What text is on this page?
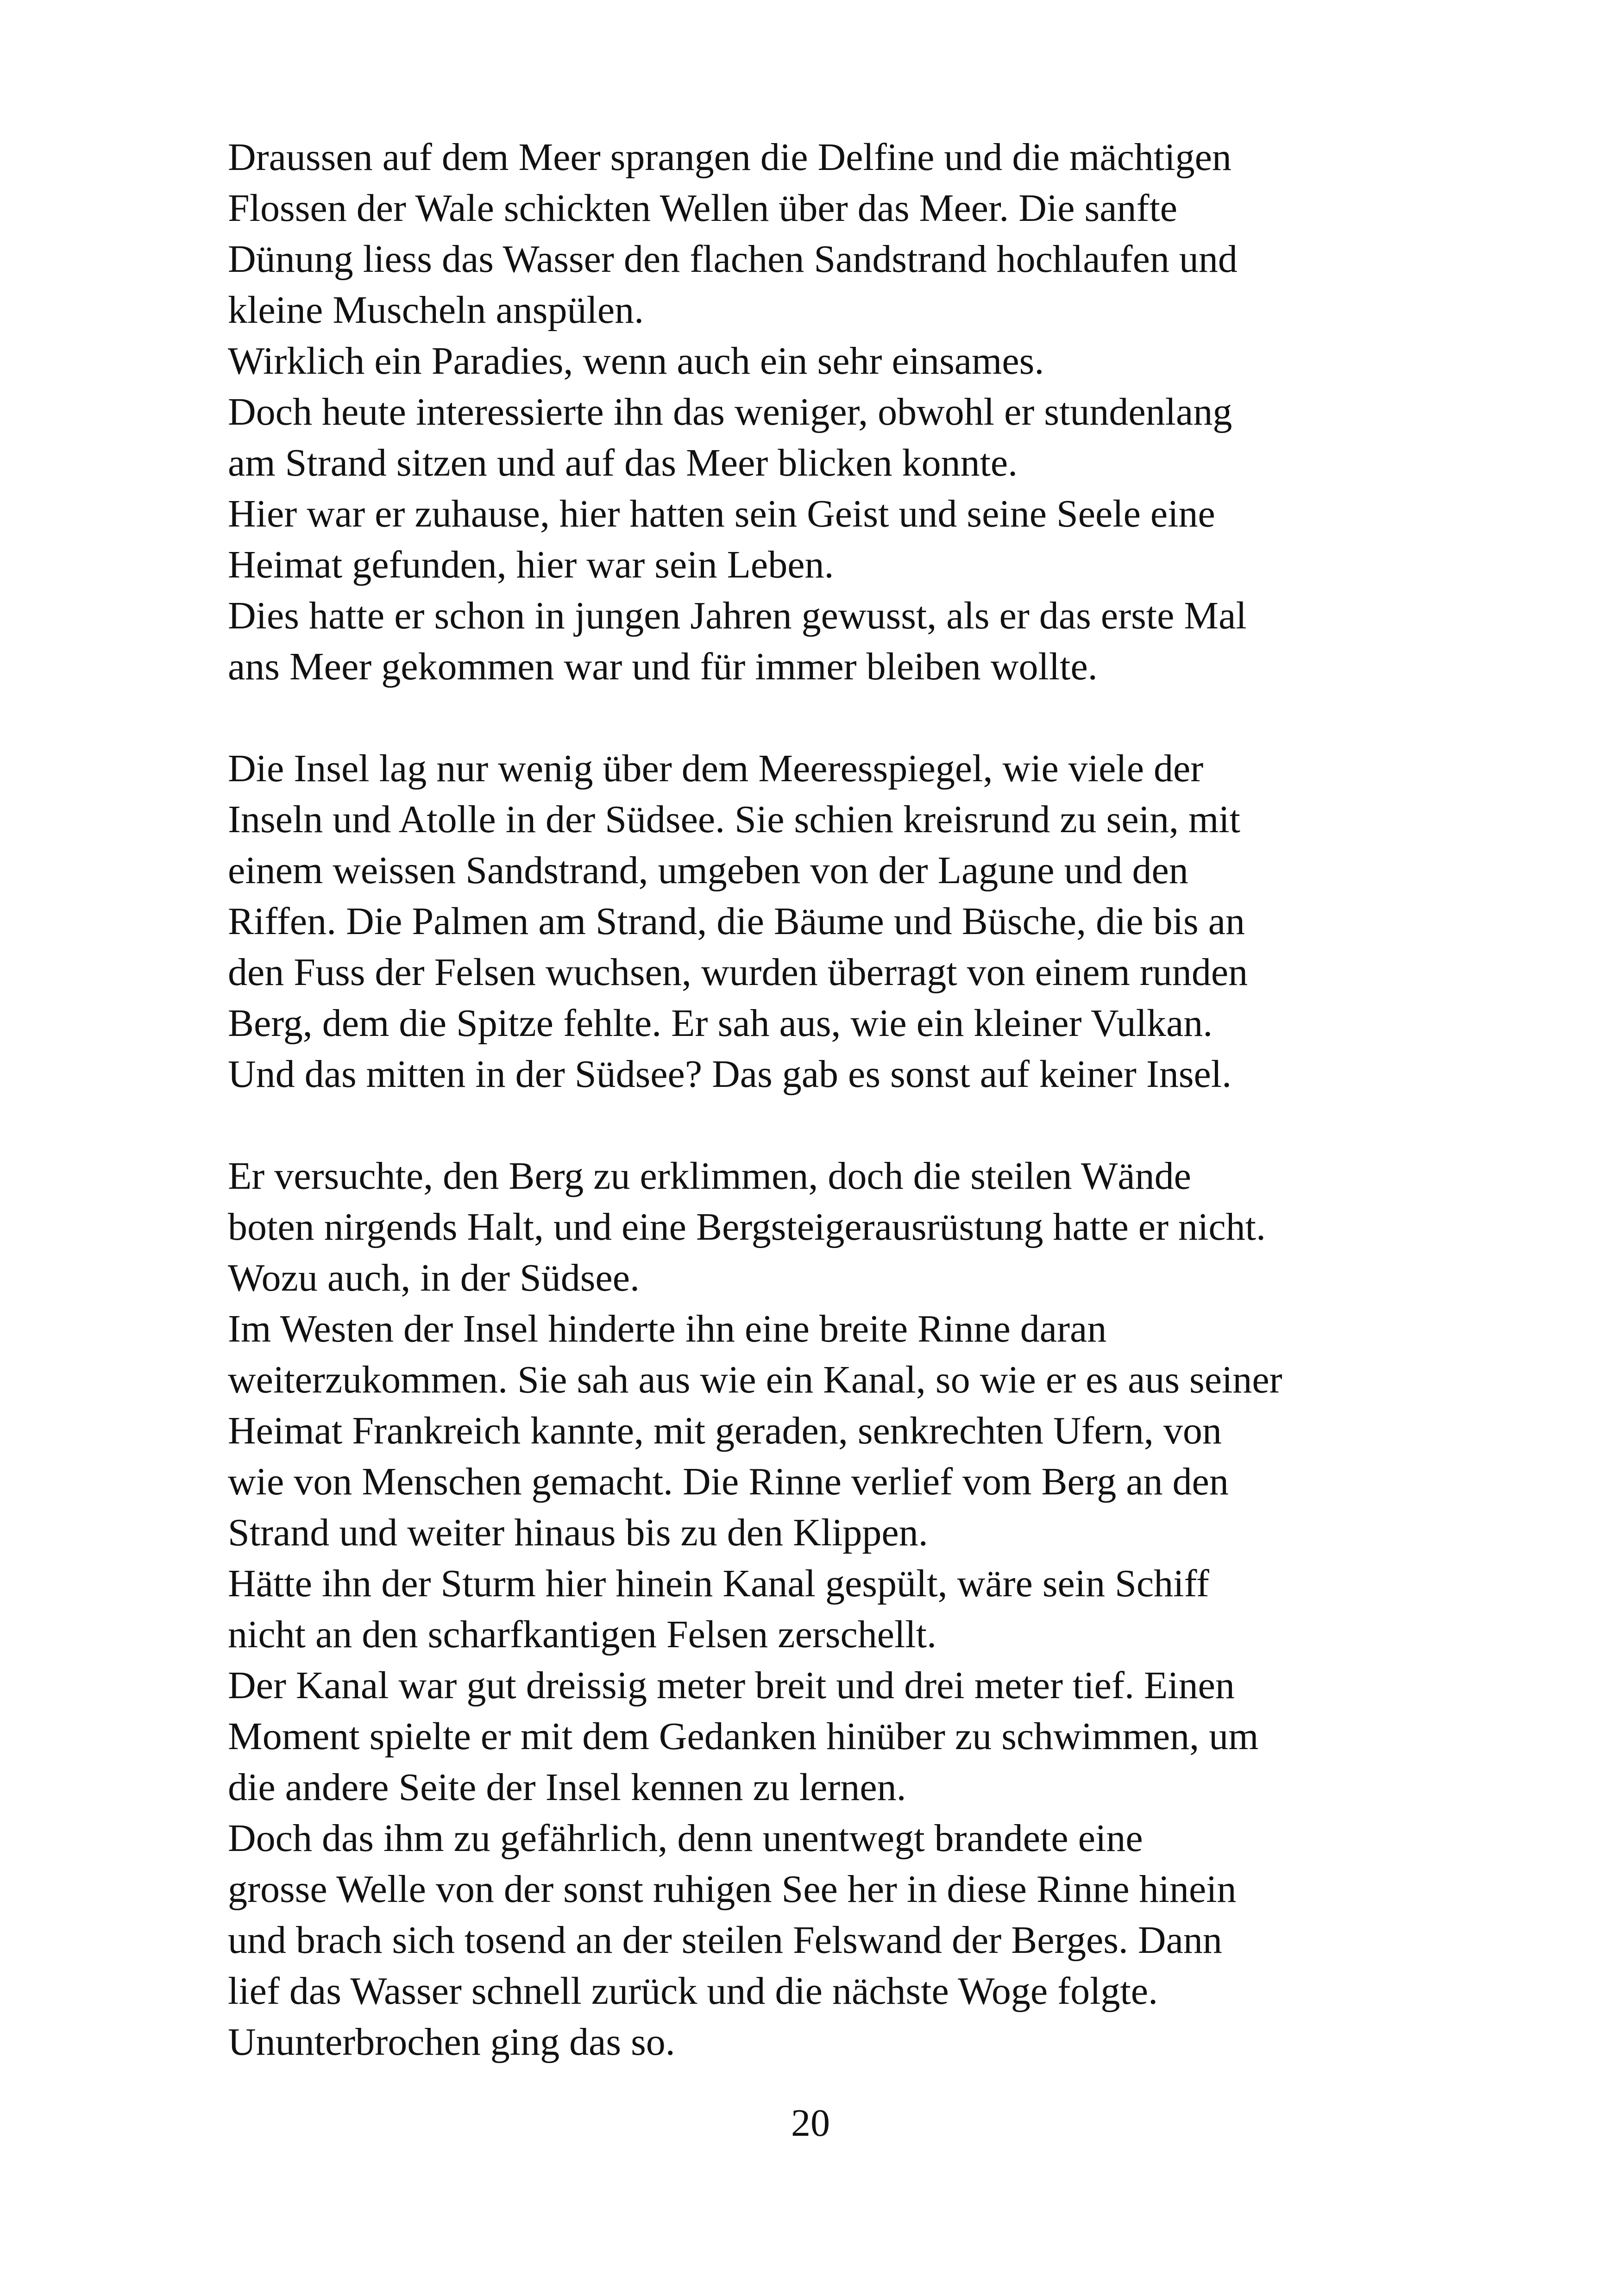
Draussen auf dem Meer sprangen die Delfine und die mächtigen
Flossen der Wale schickten Wellen über das Meer. Die sanfte
Dünung liess das Wasser den flachen Sandstrand hochlaufen und
kleine Muscheln anspülen.

Wirklich ein Paradies, wenn auch ein sehr einsames.

Doch heute interessierte ihn das weniger, obwohl er stundenlang
am Strand sitzen und auf das Meer blicken konnte.

Hier war er zuhause, hier hatten sein Geist und seine Seele eine
Heimat gefunden, hier war sein Leben.

Dies hatte er schon in jungen Jahren gewusst, als er das erste Mal
ans Meer gekommen war und für immer bleiben wollte.

Die Insel lag nur wenig über dem Meeresspiegel, wie viele der
Inseln und Atolle in der Südsee. Sie schien kreisrund zu sein, mit
einem weissen Sandstrand, umgeben von der Lagune und den
Riffen. Die Palmen am Strand, die Bäume und Büsche, die bis an
den Fuss der Felsen wuchsen, wurden überragt von einem runden
Berg, dem die Spitze fehlte. Er sah aus, wie ein kleiner Vulkan.
Und das mitten in der Südsee? Das gab es sonst auf keiner Insel.

Er versuchte, den Berg zu erklimmen, doch die steilen Wände
boten nirgends Halt, und eine Bergsteigerausrüstung hatte er nicht.
Wozu auch, in der Südsee.

Im Westen der Insel hinderte ihn eine breite Rinne daran
weiterzukommen. Sie sah aus wie ein Kanal, so wie er es aus seiner
Heimat Frankreich kannte, mit geraden, senkrechten Ufern, von
wie von Menschen gemacht. Die Rinne verlief vom Berg an den
Strand und weiter hinaus bis zu den Klippen.

Hätte ihn der Sturm hier hinein Kanal gespült, wäre sein Schiff
nicht an den scharfkantigen Felsen zerschellt.

Der Kanal war gut dreissig meter breit und drei meter tief. Einen
Moment spielte er mit dem Gedanken hinüber zu schwimmen, um
die andere Seite der Insel kennen zu lernen.

Doch das ihm zu gefährlich, denn unentwegt brandete eine
grosse Welle von der sonst ruhigen See her in diese Rinne hinein
und brach sich tosend an der steilen Felswand der Berges. Dann
lief das Wasser schnell zurück und die nächste Woge folgte.
Ununterbrochen ging das so.

20
